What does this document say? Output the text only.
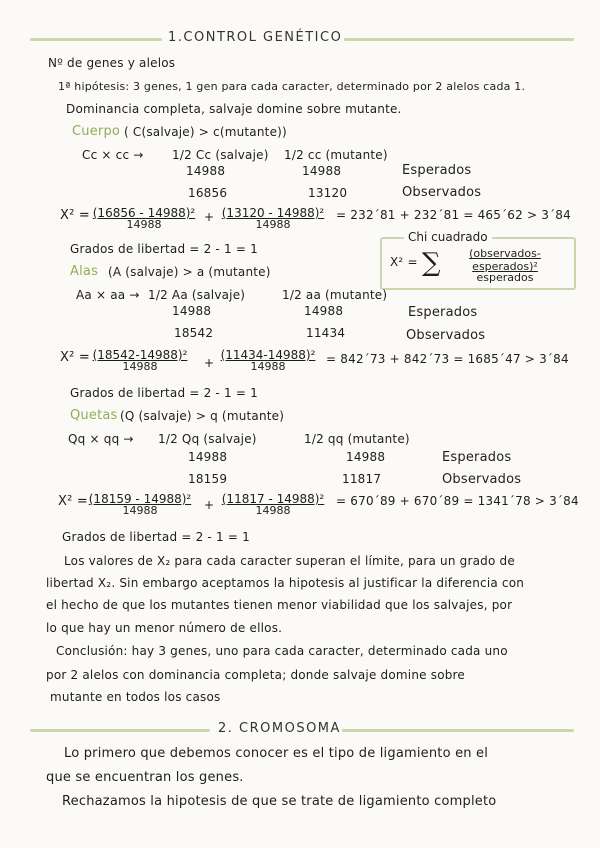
1.CONTROL GENÉTICO
Nº de genes y alelos
1ª hipótesis: 3 genes, 1 gen para cada caracter, determinado por 2 alelos cada 1.
Dominancia completa, salvaje domine sobre mutante.
Cuerpo ( C(salvaje) > c(mutante))
Cc × cc → 1/2 Cc (salvaje) 1/2 cc (mutante)
14988	14988	Esperados
16856	13120	Observados
X² =
$\frac{\text{(16856 - 14988)²}}{14988} + \frac{\text{(13120 - 14988)²}}{14988}$ = 232´81 + 232´81 = 465´62 > 3´84
Grados de libertad = 2 - 1 = 1
Chi cuadrado
X² = ∑	(observados-esperados)²
esperados
Alas (A (salvaje) > a (mutante)
Aa × aa → 1/2 Aa (salvaje)	1/2 aa (mutante)
14988	14988	Esperados
18542	11434	Observados
X² =
$\frac{\text{(18542-14988)²}}{14988} + \frac{\text{(11434-14988)²}}{14988}$ = 842´73 + 842´73 = 1685´47 > 3´84
Grados de libertad = 2 - 1 = 1
Quetas (Q (salvaje) > q (mutante)
Qq × qq → 1/2 Qq (salvaje)	1/2 qq (mutante)
14988	14988	Esperados
18159	11817	Observados
X² =
$\frac{\text{(18159 - 14988)²}}{14988} + \frac{\text{(11817 - 14988)²}}{14988}$ = 670´89 + 670´89 = 1341´78 > 3´84
Grados de libertad = 2 - 1 = 1
Los valores de X₂ para cada caracter superan el límite, para un grado de
libertad X₂. Sin embargo aceptamos la hipotesis al justificar la diferencia con
el hecho de que los mutantes tienen menor viabilidad que los salvajes, por
lo que hay un menor número de ellos.
Conclusión: hay 3 genes, uno para cada caracter, determinado cada uno
por 2 alelos con dominancia completa; donde salvaje domine sobre
mutante en todos los casos
2. CROMOSOMA
Lo primero que debemos conocer es el tipo de ligamiento en el
que se encuentran los genes.
Rechazamos la hipotesis de que se trate de ligamiento completo
